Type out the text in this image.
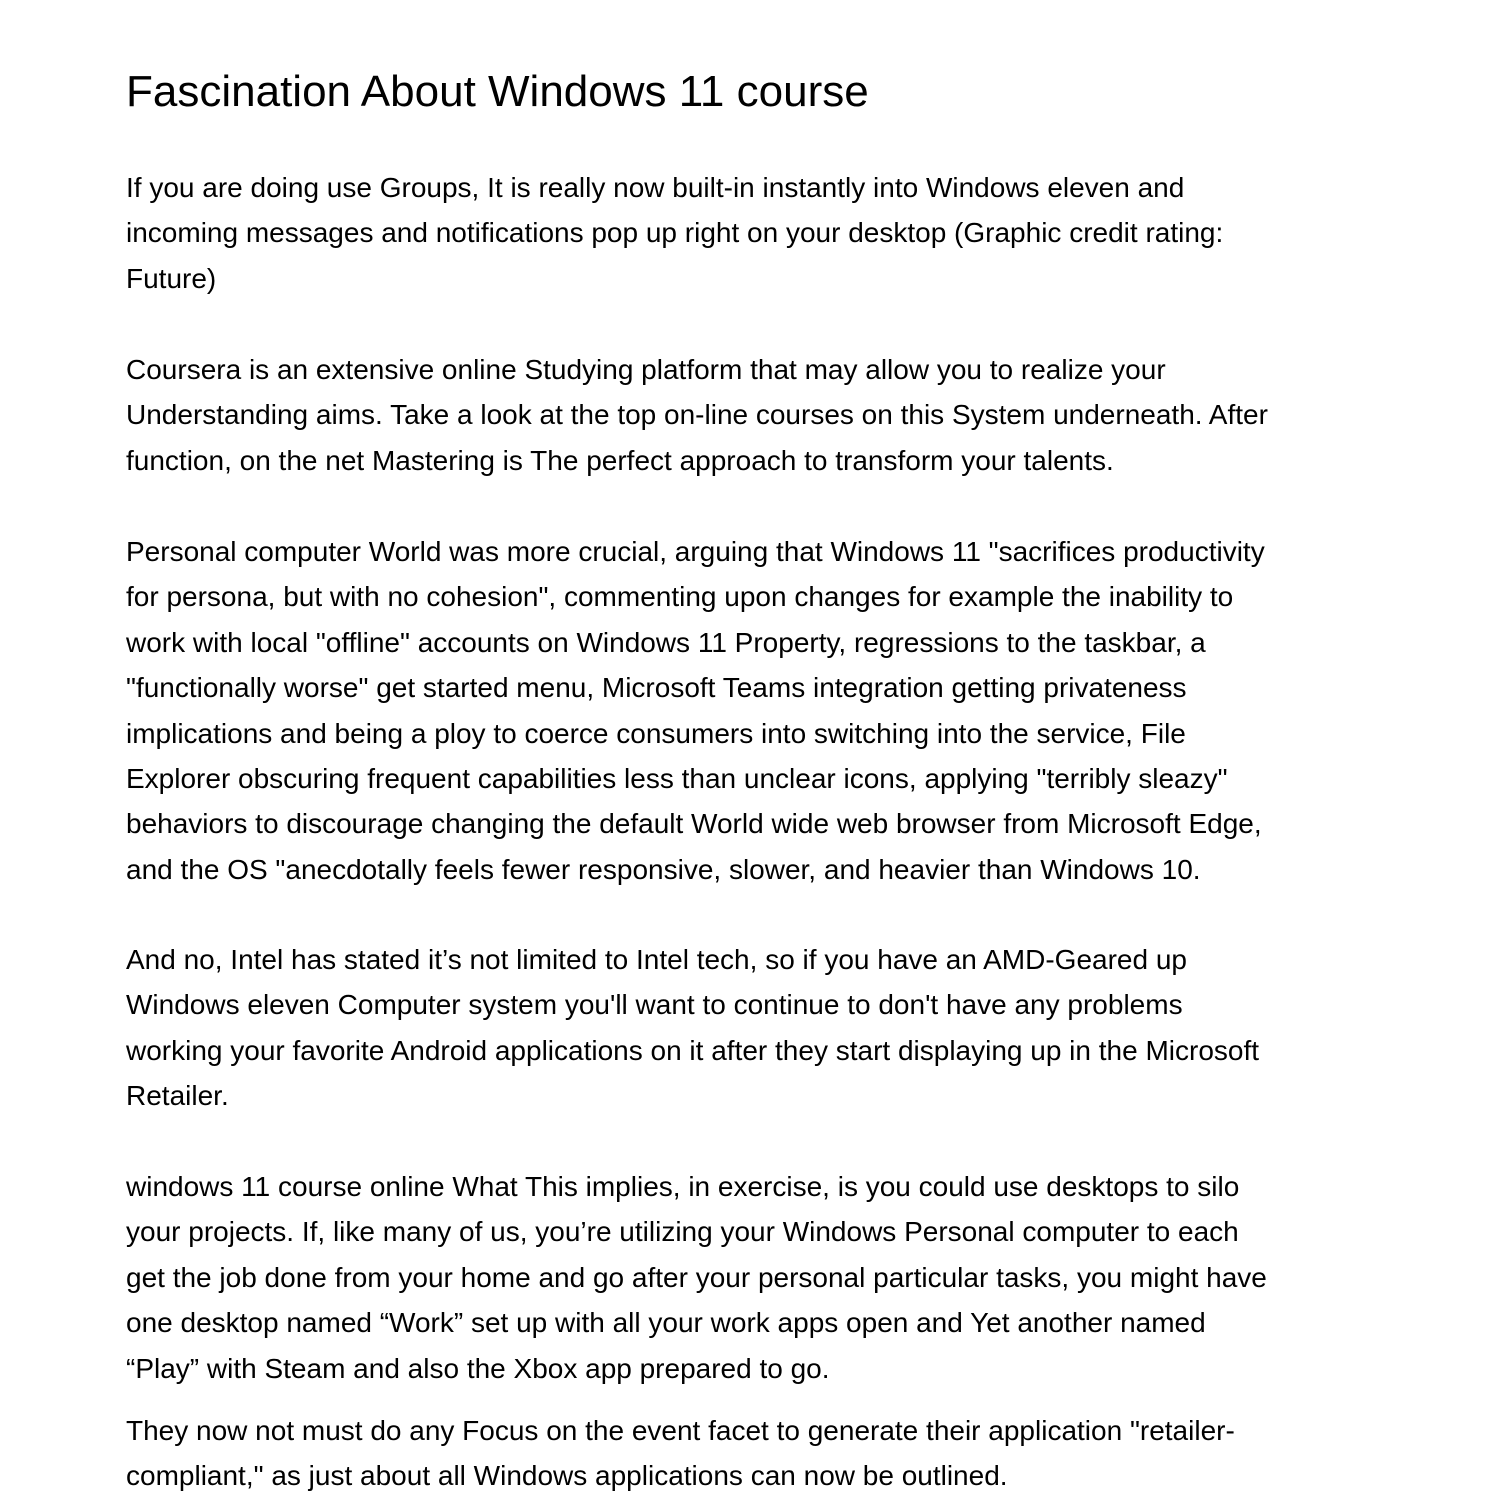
Fascination About Windows 11 course

If you are doing use Groups, It is really now built-in instantly into Windows eleven and
incoming messages and notifications pop up right on your desktop (Graphic credit rating:
Future)

Coursera is an extensive online Studying platform that may allow you to realize your
Understanding aims. Take a look at the top on-line courses on this System underneath. After
function, on the net Mastering is The perfect approach to transform your talents.

Personal computer World was more crucial, arguing that Windows 11 "sacrifices productivity
for persona, but with no cohesion", commenting upon changes for example the inability to
work with local "offline" accounts on Windows 11 Property, regressions to the taskbar, a
"functionally worse" get started menu, Microsoft Teams integration getting privateness
implications and being a ploy to coerce consumers into switching into the service, File
Explorer obscuring frequent capabilities less than unclear icons, applying "terribly sleazy"
behaviors to discourage changing the default World wide web browser from Microsoft Edge,
and the OS "anecdotally feels fewer responsive, slower, and heavier than Windows 10.

And no, Intel has stated it’s not limited to Intel tech, so if you have an AMD-Geared up
Windows eleven Computer system you'll want to continue to don't have any problems
working your favorite Android applications on it after they start displaying up in the Microsoft
Retailer.

windows 11 course online What This implies, in exercise, is you could use desktops to silo
your projects. If, like many of us, you’re utilizing your Windows Personal computer to each
get the job done from your home and go after your personal particular tasks, you might have
one desktop named “Work” set up with all your work apps open and Yet another named
“Play” with Steam and also the Xbox app prepared to go.

They now not must do any Focus on the event facet to generate their application "retailer-
compliant," as just about all Windows applications can now be outlined.
